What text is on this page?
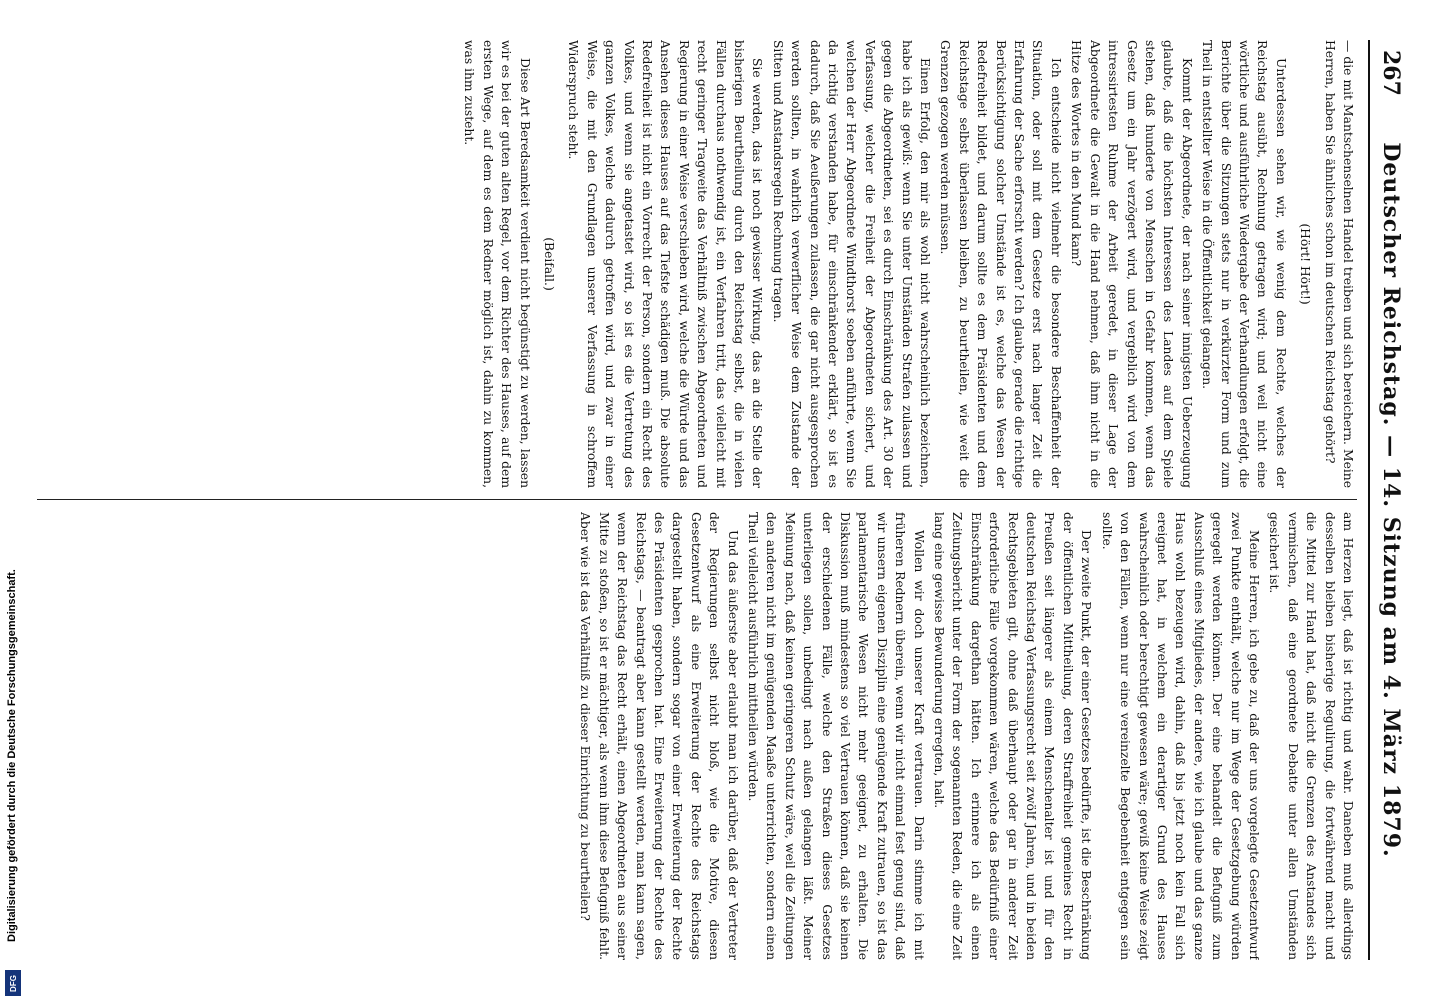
267
Deutscher Reichstag. — 14. Sitzung am 4. März 1879.

— die mit Mantschenselnen Handel treiben und sich bereichern. Meine Herren, haben Sie ähnliches schon im deutschen Reichstag gehört?

(Hört! Hört!)

Unterdessen sehen wir, wie wenig dem Rechte, welches der Reichstag ausübt, Rechnung getragen wird; und weil nicht eine wörtliche und ausführliche Wiedergabe der Verhandlungen erfolgt, die Berichte über die Sitzungen stets nur in verkürzter Form und zum Theil in entstellter Weise in die Öffentlichkeit gelangen.

Kommt der Abgeordnete, der nach seiner innigsten Ueberzeugung glaubte, daß die höchsten Interessen des Landes auf dem Spiele stehen, daß hunderte von Menschen in Gefahr kommen, wenn das Gesetz um ein Jahr verzögert wird, und vergeblich wird von dem intressirtesten Ruhme der Arbeit geredet, in dieser Lage der Abgeordnete die Gewalt in die Hand nehmen, daß ihm nicht in die Hitze des Wortes in den Mund kam?

Ich entscheide nicht vielmehr die besondere Beschaffenheit der Situation, oder soll mit dem Gesetze erst nach langer Zeit die Erfahrung der Sache erforscht werden? Ich glaube, gerade die richtige Berücksichtigung solcher Umstände ist es, welche das Wesen der Redefreiheit bildet, und darum sollte es dem Präsidenten und dem Reichstage selbst überlassen bleiben, zu beurtheilen, wie weit die Grenzen gezogen werden müssen.

Einen Erfolg, den mir als wohl nicht wahrscheinlich bezeichnen, habe ich als gewiß: wenn Sie unter Umständen Strafen zulassen und gegen die Abgeordneten, sei es durch Einschränkung des Art. 30 der Verfassung, welcher die Freiheit der Abgeordneten sichert, und welchen der Herr Abgeordnete Windthorst soeben anführte, wenn Sie da richtig verstanden habe, für einschränkender erklärt, so ist es dadurch, daß Sie Aeußerungen zulassen, die gar nicht ausgesprochen werden sollten, in wahrlich verwerflicher Weise dem Zustande der Sitten und Anstandsregeln Rechnung tragen.

Sie werden, das ist noch gewisser Wirkung, das an die Stelle der bisherigen Beurtheilung durch den Reichstag selbst, die in vielen Fällen durchaus nothwendig ist, ein Verfahren tritt, das vielleicht mit recht geringer Tragweite das Verhältniß zwischen Abgeordneten und Regierung in einer Weise verschieben wird, welche die Würde und das Ansehen dieses Hauses auf das Tiefste schädigen muß. Die absolute Redefreiheit ist nicht ein Vorrecht der Person, sondern ein Recht des Volkes, und wenn sie angetastet wird, so ist es die Vertretung des ganzen Volkes, welche dadurch getroffen wird, und zwar in einer Weise, die mit den Grundlagen unserer Verfassung in schroffem Widerspruch steht.

(Beifall.)

Diese Art Beredsamkeit verdient nicht begünstigt zu werden, lassen wir es bei der guten alten Regel, vor dem Richter des Hauses, auf dem ersten Wege, auf dem es dem Redner möglich ist, dahin zu kommen, was ihm zusteht.

am Herzen liegt, daß ist richtig und wahr. Daneben muß allerdings desselben bleiben bisherige Regulirung, die fortwährend macht und die Mittel zur Hand hat, daß nicht die Grenzen des Anstandes sich vermischen, daß eine geordnete Debatte unter allen Umständen gesichert ist.

Meine Herren, ich gebe zu, daß der uns vorgelegte Gesetzentwurf zwei Punkte enthält, welche nur im Wege der Gesetzgebung würden geregelt werden können. Der eine behandelt die Befugniß zum Ausschluß eines Mitgliedes, der andere, wie ich glaube und das ganze Haus wohl bezeugen wird, dahin, daß bis jetzt noch kein Fall sich ereignet hat, in welchem ein derartiger Grund des Hauses wahrscheinlich oder berechtigt gewesen wäre; gewiß keine Weise zeigt von den Fällen, wenn nur eine vereinzelte Begebenheit entgegen sein sollte.

Der zweite Punkt, der einer Gesetzes bedürfte, ist die Beschränkung der öffentlichen Mittheilung, deren Straffreiheit gemeines Recht in Preußen seit längerer als einem Menschenalter ist und für den deutschen Reichstag Verfassungsrecht seit zwölf Jahren, und in beiden Rechtsgebieten gilt, ohne daß überhaupt oder gar in anderer Zeit erforderliche Fälle vorgekommen wären, welche das Bedürfniß einer Einschränkung dargethan hätten. Ich erinnere ich als einen Zeitungsbericht unter der Form der sogenannten Reden, die eine Zeit lang eine gewisse Bewunderung erregten, halt.

Wollen wir doch unserer Kraft vertrauen. Darin stimme ich mit früheren Rednern überein, wenn wir nicht einmal fest genug sind, daß wir unsern eigenen Disziplin eine genügende Kraft zutrauen, so ist das parlamentarische Wesen nicht mehr geeignet, zu erhalten. Die Diskussion muß mindestens so viel Vertrauen können, daß sie keinen der erschiedenen Fälle, welche den Straßen dieses Gesetzes unterliegen sollen, unbedingt nach außen gelangen läßt. Meiner Meinung nach, daß keinen geringeren Schutz wäre, weil die Zeitungen den anderen nicht im genügenden Maaße unterrichten, sondern einen Theil vielleicht ausführlich mittheilen würden.

Und das äußerste aber erlaubt man ich darüber, daß der Vertreter der Regierungen selbst nicht bloß, wie die Motive, diesen Gesetzentwurf als eine Erweiterung der Rechte des Reichstags dargestellt haben, sondern sogar von einer Erweiterung der Rechte des Präsidenten gesprochen hat. Eine Erweiterung der Rechte des Reichstags, — beantragt aber kann gestellt werden, man kann sagen, wenn der Reichstag das Recht erhält, einen Abgeordneten aus seiner Mitte zu stoßen, so ist er mächtiger, als wenn ihm diese Befugniß fehlt. Aber wie ist das Verhältniß zu dieser Einrichtung zu beurtheilen?

Digitalisierung gefördert durch die Deutsche Forschungsgemeinschaft.
DFG
